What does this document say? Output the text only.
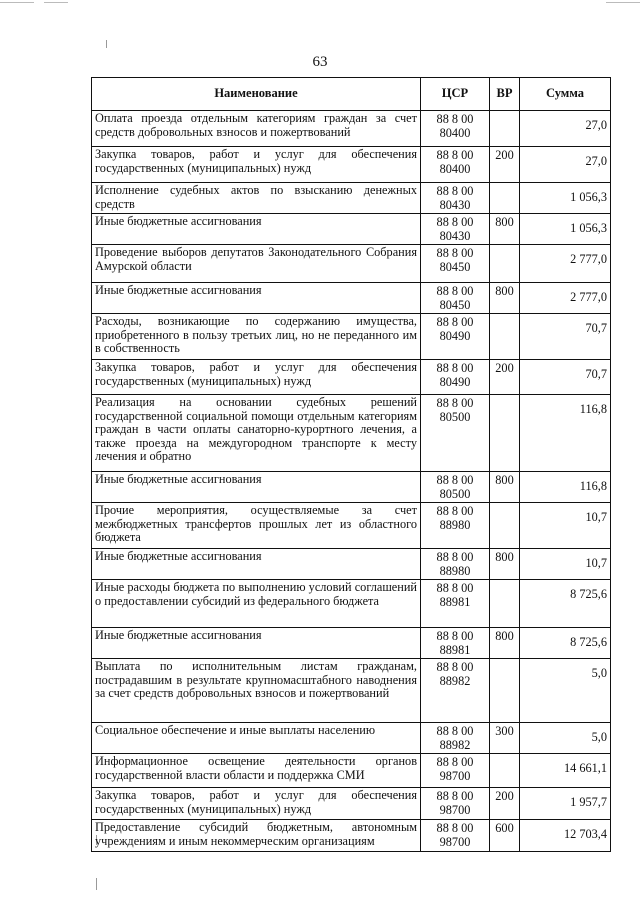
63
Наименование	ЦСР	ВР	Сумма
Оплата проезда отдельным категориям граждан за счет средств добровольных взносов и пожертвований	88 8 00 80400		27,0
Закупка товаров, работ и услуг для обеспечения государственных (муниципальных) нужд	88 8 00 80400	200	27,0
Исполнение судебных актов по взысканию денежных средств	88 8 00 80430		1 056,3
Иные бюджетные ассигнования	88 8 00 80430	800	1 056,3
Проведение выборов депутатов Законодательного Собрания Амурской области	88 8 00 80450		2 777,0
Иные бюджетные ассигнования	88 8 00 80450	800	2 777,0
Расходы, возникающие по содержанию имущества, приобретенного в пользу третьих лиц, но не переданного им в собственность	88 8 00 80490		70,7
Закупка товаров, работ и услуг для обеспечения государственных (муниципальных) нужд	88 8 00 80490	200	70,7
Реализация на основании судебных решений государственной социальной помощи отдельным категориям граждан в части оплаты санаторно-курортного лечения, а также проезда на междугородном транспорте к месту лечения и обратно	88 8 00 80500		116,8
Иные бюджетные ассигнования	88 8 00 80500	800	116,8
Прочие мероприятия, осуществляемые за счет межбюджетных трансфертов прошлых лет из областного бюджета	88 8 00 88980		10,7
Иные бюджетные ассигнования	88 8 00 88980	800	10,7
Иные расходы бюджета по выполнению условий соглашений о предоставлении субсидий из федерального бюджета	88 8 00 88981		8 725,6
Иные бюджетные ассигнования	88 8 00 88981	800	8 725,6
Выплата по исполнительным листам гражданам, пострадавшим в результате крупномасштабного наводнения за счет средств добровольных взносов и пожертвований	88 8 00 88982		5,0
Социальное обеспечение и иные выплаты населению	88 8 00 88982	300	5,0
Информационное освещение деятельности органов государственной власти области и поддержка СМИ	88 8 00 98700		14 661,1
Закупка товаров, работ и услуг для обеспечения государственных (муниципальных) нужд	88 8 00 98700	200	1 957,7
Предоставление субсидий бюджетным, автономным учреждениям и иным некоммерческим организациям	88 8 00 98700	600	12 703,4
